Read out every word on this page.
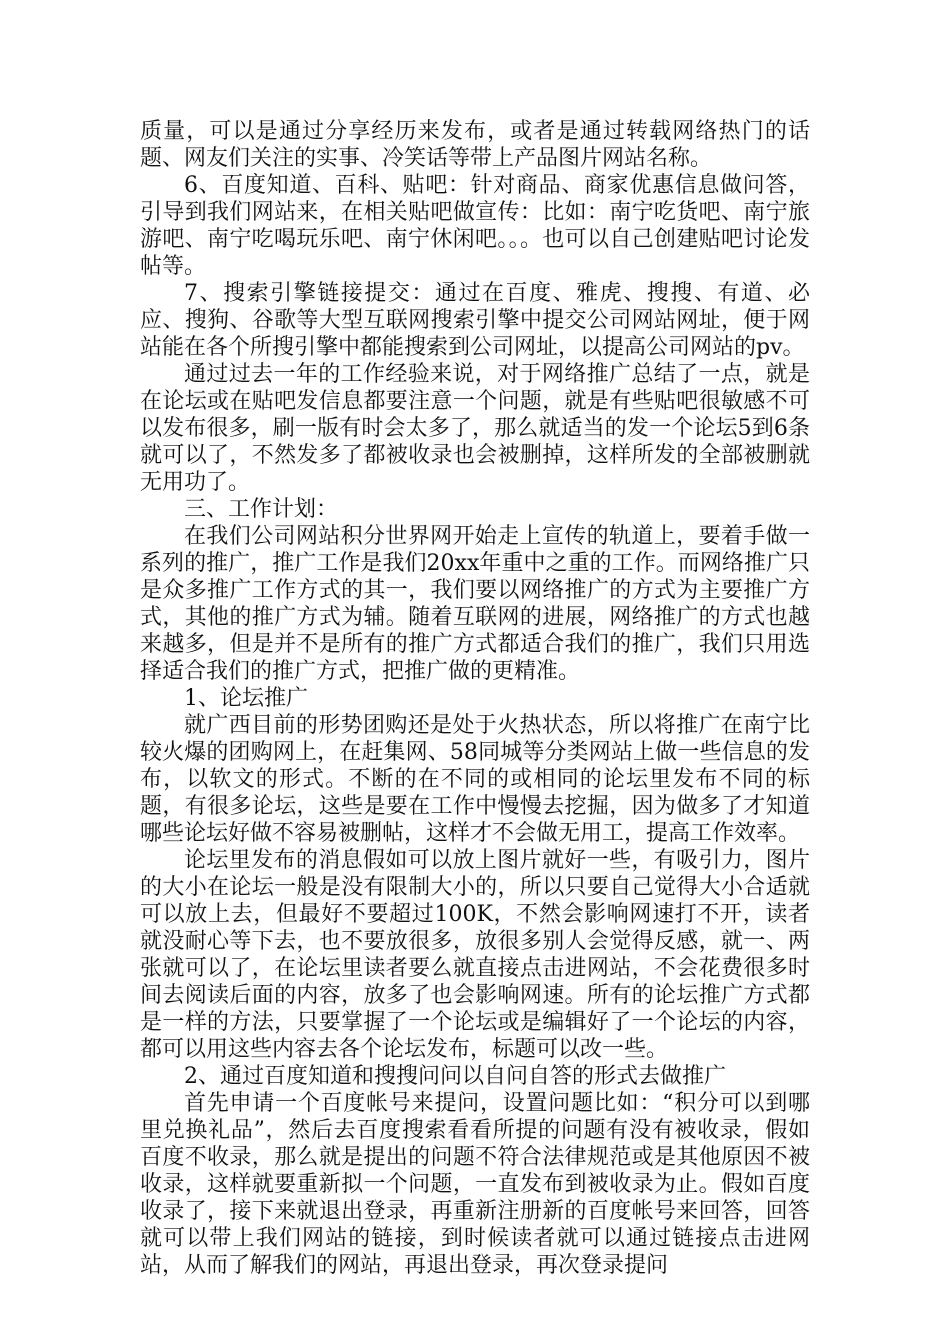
质量，可以是通过分享经历来发布，或者是通过转载网络热门的话题、网友们关注的实事、冷笑话等带上产品图片网站名称。

6、百度知道、百科、贴吧：针对商品、商家优惠信息做问答，引导到我们网站来，在相关贴吧做宣传：比如：南宁吃货吧、南宁旅游吧、南宁吃喝玩乐吧、南宁休闲吧。。。也可以自己创建贴吧讨论发帖等。

7、搜索引擎链接提交：通过在百度、雅虎、搜搜、有道、必应、搜狗、谷歌等大型互联网搜索引擎中提交公司网站网址，便于网站能在各个所搜引擎中都能搜索到公司网址，以提高公司网站的pv。

通过过去一年的工作经验来说，对于网络推广总结了一点，就是在论坛或在贴吧发信息都要注意一个问题，就是有些贴吧很敏感不可以发布很多，刷一版有时会太多了，那么就适当的发一个论坛5到6条就可以了，不然发多了都被收录也会被删掉，这样所发的全部被删就无用功了。

三、工作计划：

在我们公司网站积分世界网开始走上宣传的轨道上，要着手做一系列的推广，推广工作是我们20xx年重中之重的工作。而网络推广只是众多推广工作方式的其一，我们要以网络推广的方式为主要推广方式，其他的推广方式为辅。随着互联网的进展，网络推广的方式也越来越多，但是并不是所有的推广方式都适合我们的推广，我们只用选择适合我们的推广方式，把推广做的更精准。

1、论坛推广

就广西目前的形势团购还是处于火热状态，所以将推广在南宁比较火爆的团购网上，在赶集网、58同城等分类网站上做一些信息的发布，以软文的形式。不断的在不同的或相同的论坛里发布不同的标题，有很多论坛，这些是要在工作中慢慢去挖掘，因为做多了才知道哪些论坛好做不容易被删帖，这样才不会做无用工，提高工作效率。

论坛里发布的消息假如可以放上图片就好一些，有吸引力，图片的大小在论坛一般是没有限制大小的，所以只要自己觉得大小合适就可以放上去，但最好不要超过100K，不然会影响网速打不开，读者就没耐心等下去，也不要放很多，放很多别人会觉得反感，就一、两张就可以了，在论坛里读者要么就直接点击进网站，不会花费很多时间去阅读后面的内容，放多了也会影响网速。所有的论坛推广方式都是一样的方法，只要掌握了一个论坛或是编辑好了一个论坛的内容，都可以用这些内容去各个论坛发布，标题可以改一些。

2、通过百度知道和搜搜问问以自问自答的形式去做推广

首先申请一个百度帐号来提问，设置问题比如：“积分可以到哪里兑换礼品”，然后去百度搜索看看所提的问题有没有被收录，假如百度不收录，那么就是提出的问题不符合法律规范或是其他原因不被收录，这样就要重新拟一个问题，一直发布到被收录为止。假如百度收录了，接下来就退出登录，再重新注册新的百度帐号来回答，回答就可以带上我们网站的链接，到时候读者就可以通过链接点击进网站，从而了解我们的网站，再退出登录，再次登录提问
